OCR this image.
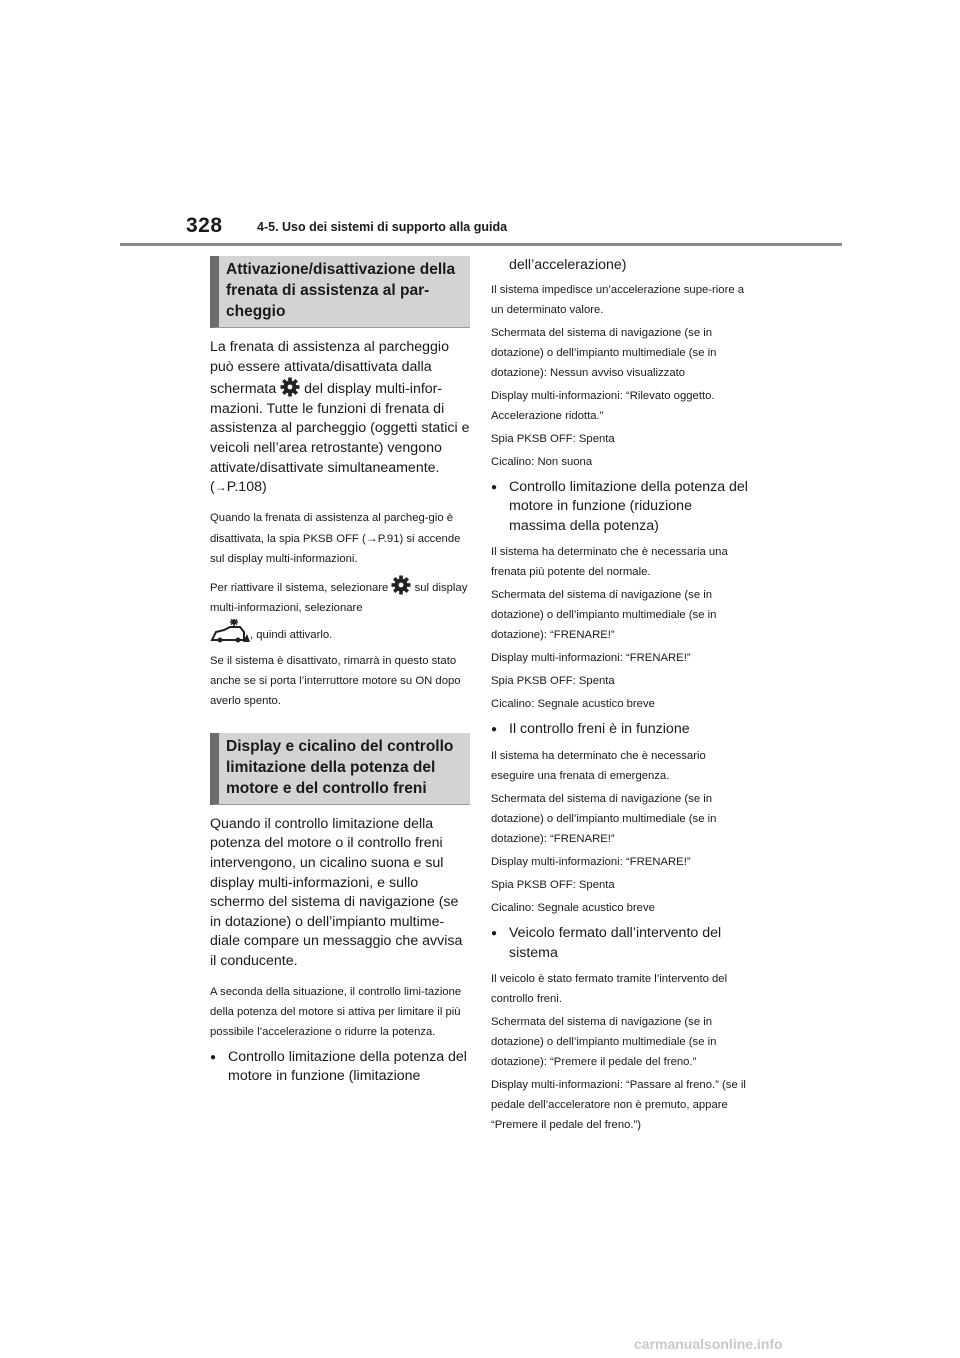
328	4-5. Uso dei sistemi di supporto alla guida
Attivazione/disattivazione della frenata di assistenza al par-cheggio

La frenata di assistenza al parcheggio può essere attivata/disattivata dalla schermata del display multi-infor-mazioni. Tutte le funzioni di frenata di assistenza al parcheggio (oggetti statici e veicoli nell’area retrostante) vengono attivate/disattivate simultaneamente. (→P.108)

Quando la frenata di assistenza al parcheg-gio è disattivata, la spia PKSB OFF (→P.91) si accende sul display multi-informazioni.

Per riattivare il sistema, selezionare sul display multi-informazioni, selezionare
, quindi attivarlo.

Se il sistema è disattivato, rimarrà in questo stato anche se si porta l’interruttore motore su ON dopo averlo spento.

Display e cicalino del controllo limitazione della potenza del motore e del controllo freni

Quando il controllo limitazione della potenza del motore o il controllo freni intervengono, un cicalino suona e sul display multi-informazioni, e sullo schermo del sistema di navigazione (se in dotazione) o dell’impianto multime-diale compare un messaggio che avvisa il conducente.

A seconda della situazione, il controllo limi-tazione della potenza del motore si attiva per limitare il più possibile l’accelerazione o ridurre la potenza.

● Controllo limitazione della potenza del motore in funzione (limitazione
dell’accelerazione)

Il sistema impedisce un’accelerazione supe-riore a un determinato valore.

Schermata del sistema di navigazione (se in dotazione) o dell’impianto multimediale (se in dotazione): Nessun avviso visualizzato

Display multi-informazioni: “Rilevato oggetto. Accelerazione ridotta.”

Spia PKSB OFF: Spenta

Cicalino: Non suona

● Controllo limitazione della potenza del motore in funzione (riduzione massima della potenza)

Il sistema ha determinato che è necessaria una frenata più potente del normale.

Schermata del sistema di navigazione (se in dotazione) o dell’impianto multimediale (se in dotazione): “FRENARE!”

Display multi-informazioni: “FRENARE!”

Spia PKSB OFF: Spenta

Cicalino: Segnale acustico breve

● Il controllo freni è in funzione

Il sistema ha determinato che è necessario eseguire una frenata di emergenza.

Schermata del sistema di navigazione (se in dotazione) o dell’impianto multimediale (se in dotazione): “FRENARE!”

Display multi-informazioni: “FRENARE!”

Spia PKSB OFF: Spenta

Cicalino: Segnale acustico breve

● Veicolo fermato dall’intervento del sistema

Il veicolo è stato fermato tramite l’intervento del controllo freni.

Schermata del sistema di navigazione (se in dotazione) o dell’impianto multimediale (se in dotazione): “Premere il pedale del freno.”

Display multi-informazioni: “Passare al freno.” (se il pedale dell’acceleratore non è premuto, appare “Premere il pedale del freno.”)

carmanualsonline.info
